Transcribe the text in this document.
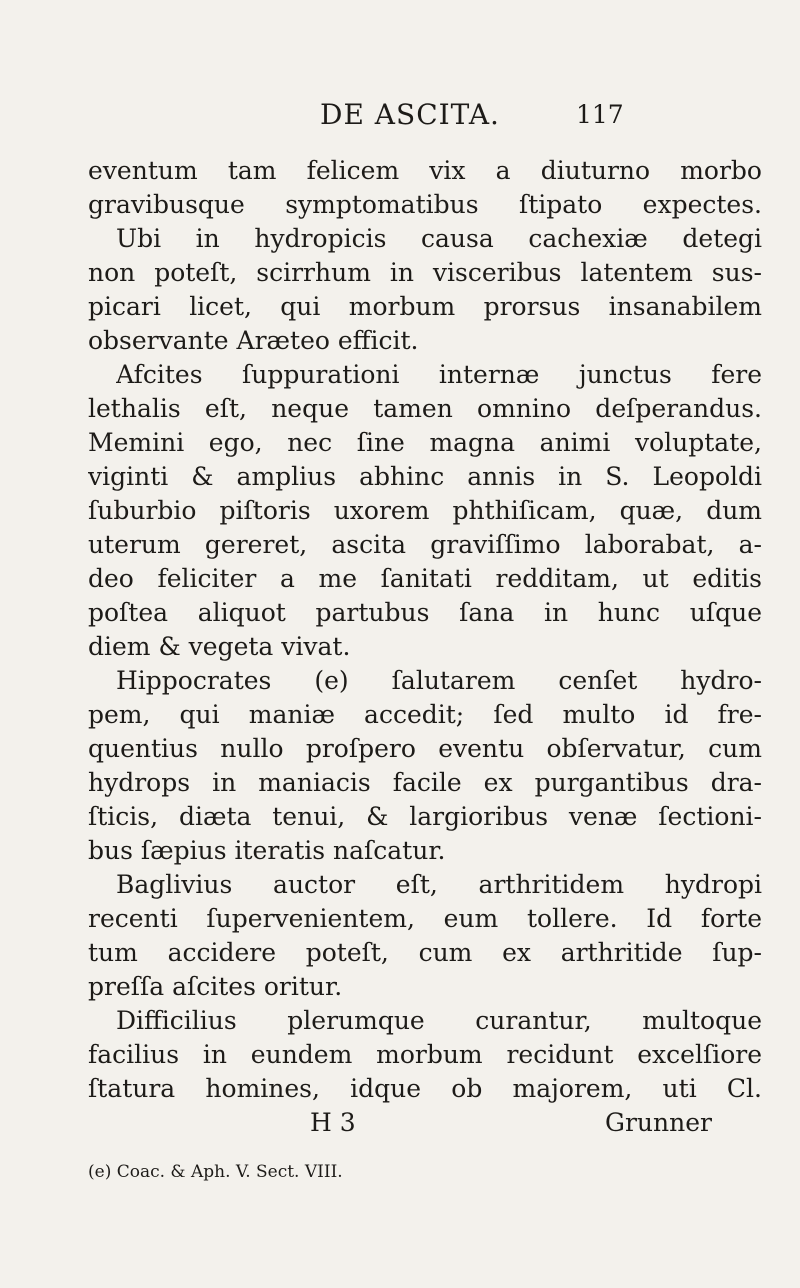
DE ASCITA.	117
eventum tam felicem vix a diuturno morbo
gravibusque symptomatibus ſtipato expectes.
Ubi in hydropicis causa cachexiæ detegi
non poteſt, scirrhum in visceribus latentem sus-
picari licet, qui morbum prorsus insanabilem
observante Aræteo efficit.
Afcites ſuppurationi internæ junctus fere
lethalis eſt, neque tamen omnino deſperandus.
Memini ego, nec ſine magna animi voluptate,
viginti & amplius abhinc annis in S. Leopoldi
ſuburbio piſtoris uxorem phthiſicam, quæ, dum
uterum gereret, ascita graviſſimo laborabat, a-
deo feliciter a me ſanitati redditam, ut editis
poſtea aliquot partubus ſana in hunc uſque
diem & vegeta vivat.
Hippocrates (e) ſalutarem cenſet hydro-
pem, qui maniæ accedit; ſed multo id fre-
quentius nullo proſpero eventu obſervatur, cum
hydrops in maniacis facile ex purgantibus dra-
ſticis, diæta tenui, & largioribus venæ ſectioni-
bus ſæpius iteratis naſcatur.
Baglivius auctor eſt, arthritidem hydropi
recenti ſupervenientem, eum tollere. Id forte
tum accidere poteſt, cum ex arthritide ſup-
preſſa aſcites oritur.
Difficilius plerumque curantur, multoque
facilius in eundem morbum recidunt excelſiore
ſtatura homines, idque ob majorem, uti Cl.
H 3	Grunner
(e) Coac. & Aph. V. Sect. VIII.
